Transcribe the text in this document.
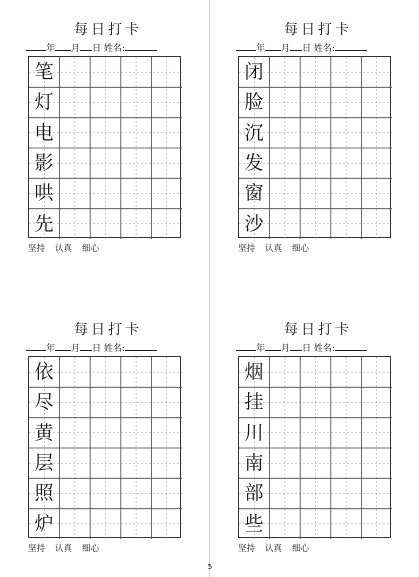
每日打卡
年 月 日 姓名:
笔
灯
电
影
哄
先
坚持 认真 细心
每日打卡
年 月 日 姓名:
闭
脸
沉
发
窗
沙
坚持 认真 细心
每日打卡
年 月 日 姓名:
依
尽
黄
层
照
炉
坚持 认真 细心
每日打卡
年 月 日 姓名:
烟
挂
川
南
部
些
坚持 认真 细心
5
